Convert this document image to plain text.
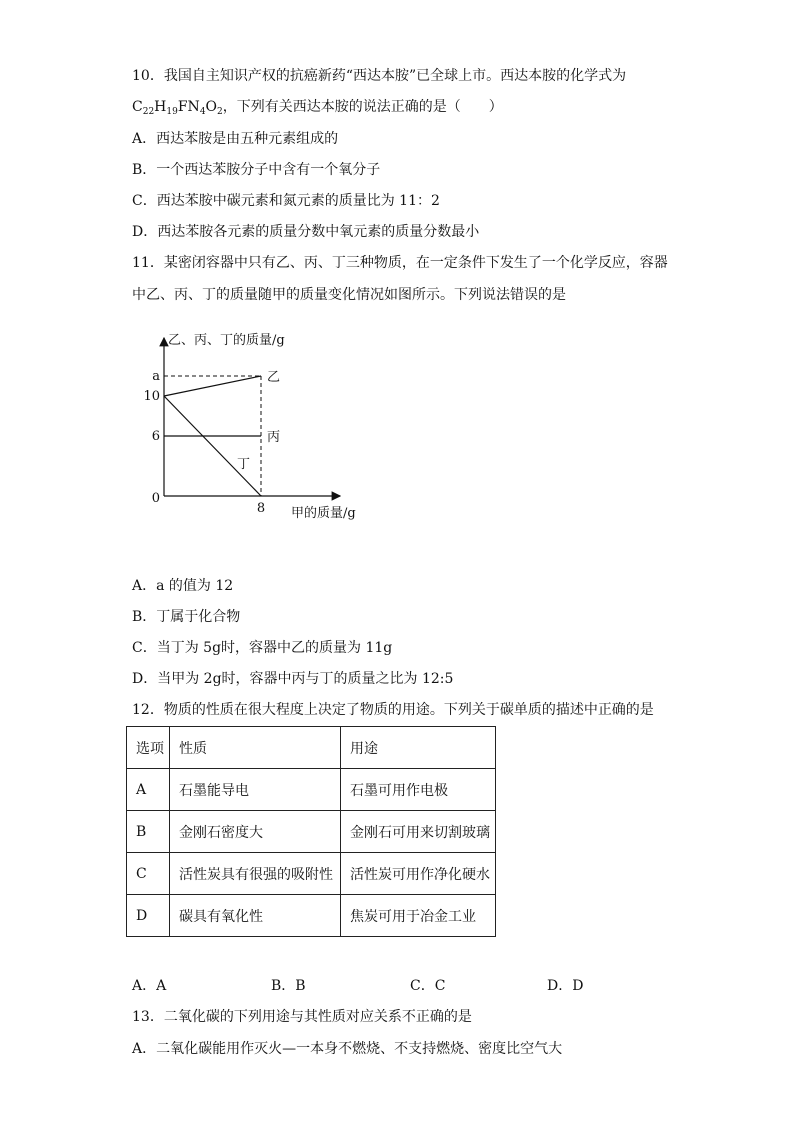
10．我国自主知识产权的抗癌新药“西达本胺”已全球上市。西达本胺的化学式为
$C_{22}H_{19}FN_4O_2$，下列有关西达本胺的说法正确的是（　　）
A．西达苯胺是由五种元素组成的
B．一个西达苯胺分子中含有一个氧分子
C．西达苯胺中碳元素和氮元素的质量比为 11：2
D．西达苯胺各元素的质量分数中氧元素的质量分数最小
11．某密闭容器中只有乙、丙、丁三种物质，在一定条件下发生了一个化学反应，容器
中乙、丙、丁的质量随甲的质量变化情况如图所示。下列说法错误的是
乙、丙、丁的质量/g
甲的质量/g
a
10
6
0
8
乙
丙
丁
A．a 的值为 12
B．丁属于化合物
C．当丁为 5g时，容器中乙的质量为 11g
D．当甲为 2g时，容器中丙与丁的质量之比为 12:5
12．物质的性质在很大程度上决定了物质的用途。下列关于碳单质的描述中正确的是
选项	性质	用途
A	石墨能导电	石墨可用作电极
B	金刚石密度大	金刚石可用来切割玻璃
C	活性炭具有很强的吸附性	活性炭可用作净化硬水
D	碳具有氧化性	焦炭可用于冶金工业
A．A	B．B	C．C	D．D
13．二氧化碳的下列用途与其性质对应关系不正确的是
A．二氧化碳能用作灭火—一本身不燃烧、不支持燃烧、密度比空气大
